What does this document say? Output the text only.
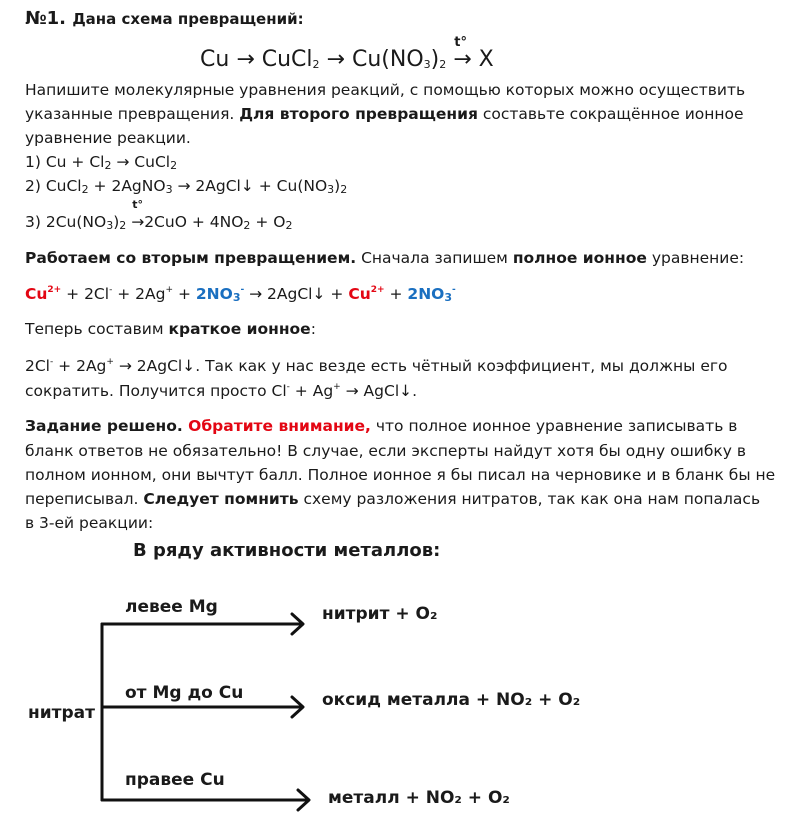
№1. Дана схема превращений:
Cu → CuCl$_2$ → $Cu(NO_3)_2$
t°
→ X
Напишите молекулярные уравнения реакций, с помощью которых можно осуществить
указанные превращения. Для второго превращения составьте сокращённое ионное
уравнение реакции.
1) $Cu + Cl_2$ → CuCl$_2$
2) CuCl$_2$ + 2AgNO$_3$ → 2AgCl↓ + $Cu(NO_3)_2$
3) $2Cu(NO_3)_2$
t°
$\to 2CuO + 4NO_2 + O_2$
Работаем со вторым превращением. Сначала запишем полное ионное уравнение:
$Cu^{2+} + 2Cl^- + 2Ag^+ + 2NO_3^-$ → 2AgCl↓ + $Cu^{2+} + 2NO_3^-$
Теперь составим краткое ионное:
2Cl- + 2Ag+ → 2AgCl↓. Так как у нас везде есть чётный коэффициент, мы должны его
сократить. Получится просто Cl- + Ag+ → AgCl↓.
Задание решено. Обратите внимание, что полное ионное уравнение записывать в
бланк ответов не обязательно! В случае, если эксперты найдут хотя бы одну ошибку в
полном ионном, они вычтут балл. Полное ионное я бы писал на черновике и в бланк бы не
переписывал. Следует помнить схему разложения нитратов, так как она нам попалась
в 3-ей реакции:
В ряду активности металлов:
нитрат
левее Mg	нитрит + O₂
от Mg до Cu	оксид металла + NO₂ + O₂
правее Cu
металл + NO₂ + O₂
